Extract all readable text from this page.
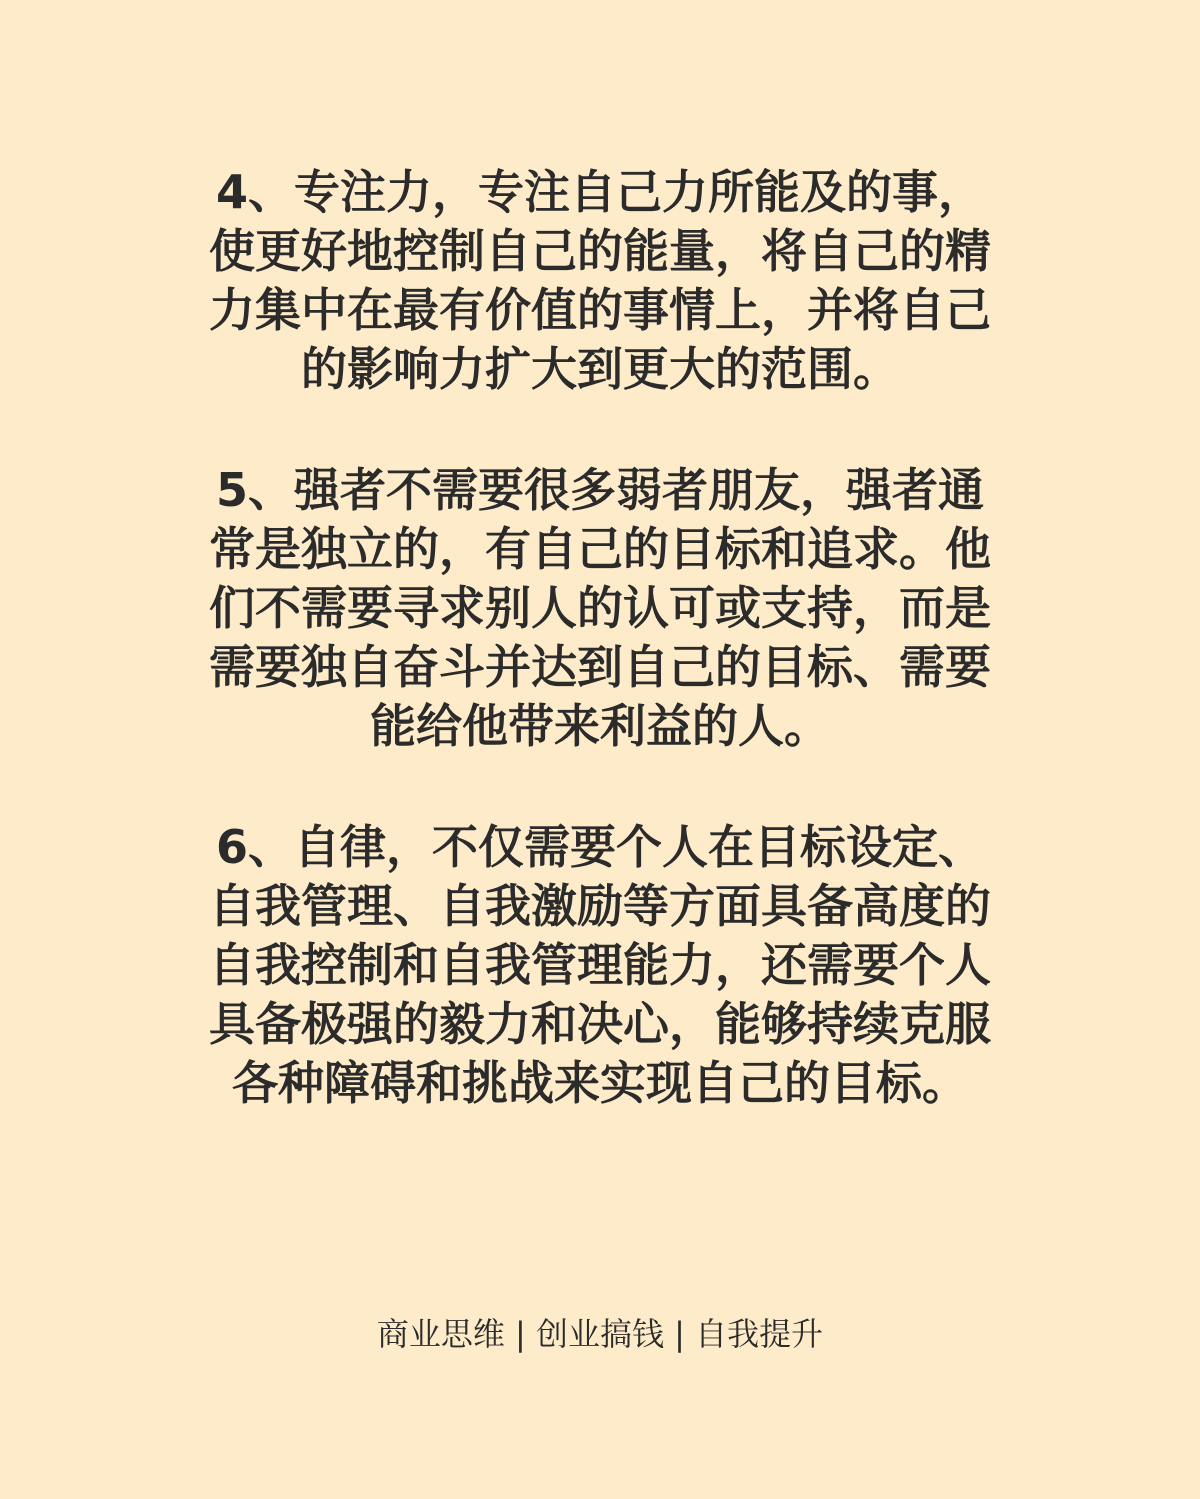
4、专注力，专注自己力所能及的事，
使更好地控制自己的能量，将自己的精
力集中在最有价值的事情上，并将自己
的影响力扩大到更大的范围。
5、强者不需要很多弱者朋友，强者通
常是独立的，有自己的目标和追求。他
们不需要寻求别人的认可或支持，而是
需要独自奋斗并达到自己的目标、需要
能给他带来利益的人。
6、自律，不仅需要个人在目标设定、
自我管理、自我激励等方面具备高度的
自我控制和自我管理能力，还需要个人
具备极强的毅力和决心，能够持续克服
各种障碍和挑战来实现自己的目标。
商业思维 | 创业搞钱 | 自我提升
